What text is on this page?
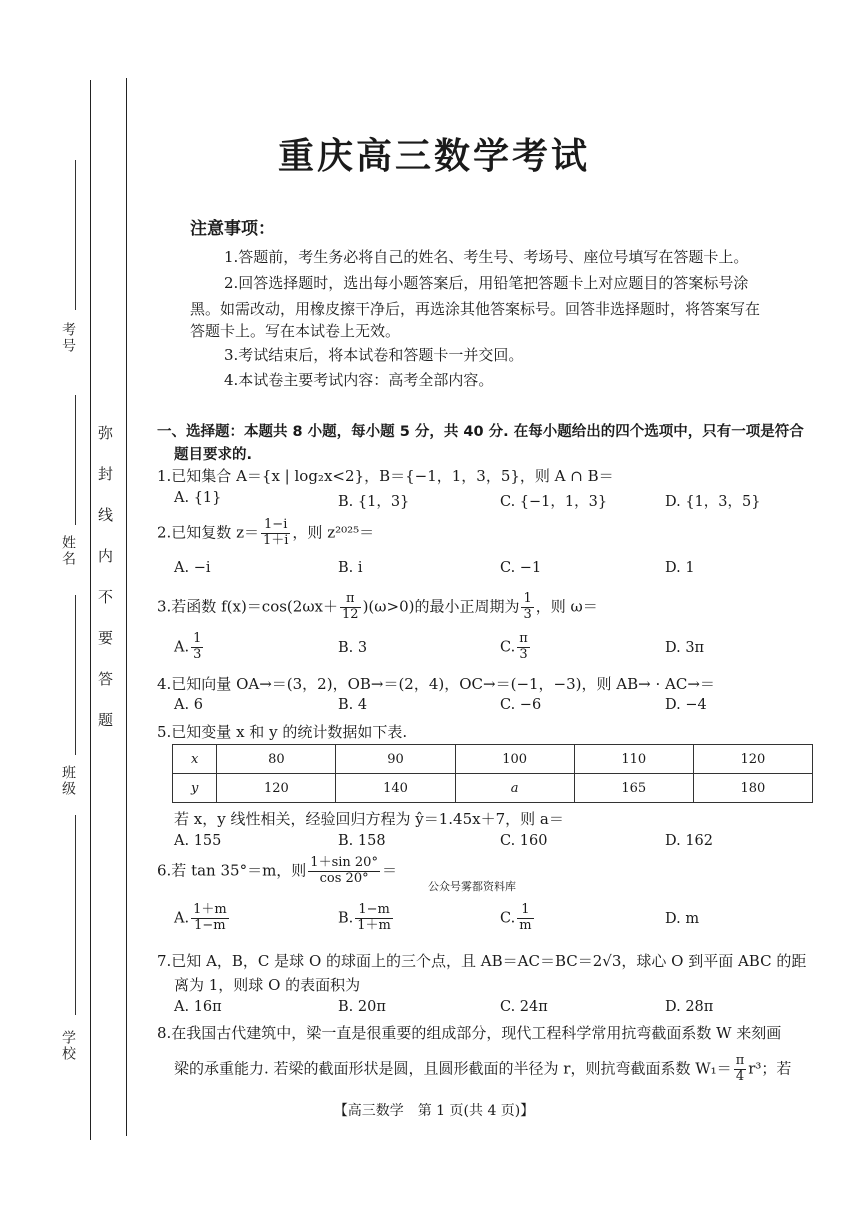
考号
姓名
班级
学校
弥封线内不要答题
重庆高三数学考试
注意事项：
1.答题前，考生务必将自己的姓名、考生号、考场号、座位号填写在答题卡上。
2.回答选择题时，选出每小题答案后，用铅笔把答题卡上对应题目的答案标号涂
黑。如需改动，用橡皮擦干净后，再选涂其他答案标号。回答非选择题时，将答案写在
答题卡上。写在本试卷上无效。
3.考试结束后，将本试卷和答题卡一并交回。
4.本试卷主要考试内容：高考全部内容。
一、选择题：本题共 8 小题，每小题 5 分，共 40 分. 在每小题给出的四个选项中，只有一项是符合
题目要求的.
1.已知集合 A＝{x | log₂x<2}，B＝{−1，1，3，5}，则 A ∩ B＝
A. {1}	B. {1，3}	C. {−1，1，3}	D. {1，3，5}
2.已知复数 $z= \frac{1-i}{1+i}$ ，则 z²⁰²⁵＝
A. −i	B. i	C. −1	D. 1
3.若函数 $f(x)=\cos(2\omega x+ \frac{\pi}{12} )(\omega>0)$的最小正周期为 $\frac{1}{3}$ ，则 ω＝
A. $\frac{1}{3}$	B. 3	C. $\frac{\pi}{3}$	D. 3π
4.已知向量 OA→＝(3，2)，OB→＝(2，4)，OC→＝(−1，−3)，则 AB→ · AC→＝
A. 6	B. 4	C. −6	D. −4
5.已知变量 x 和 y 的统计数据如下表.
x	80	90	100	110	120
y	120	140	a	165	180
若 x，y 线性相关，经验回归方程为 ŷ＝1.45x＋7，则 a＝
A. 155	B. 158	C. 160	D. 162
6.若 tan 35°＝m，则 $\frac{1+\sin 20^\circ}{\cos 20^\circ}$ ＝
公众号雾都资料库
A. $\frac{1+m}{1-m}$	B. $\frac{1-m}{1+m}$	C. $\frac{1}{m}$	D. m
7.已知 A，B，C 是球 O 的球面上的三个点，且 AB＝AC＝BC＝2√3，球心 O 到平面 ABC 的距
离为 1，则球 O 的表面积为
A. 16π	B. 20π	C. 24π	D. 28π
8.在我国古代建筑中，梁一直是很重要的组成部分，现代工程科学常用抗弯截面系数 W 来刻画
梁的承重能力. 若梁的截面形状是圆，且圆形截面的半径为 r，则抗弯截面系数 $W_1= \frac{\pi}{4} r^3$；若
【高三数学　第 1 页(共 4 页)】
